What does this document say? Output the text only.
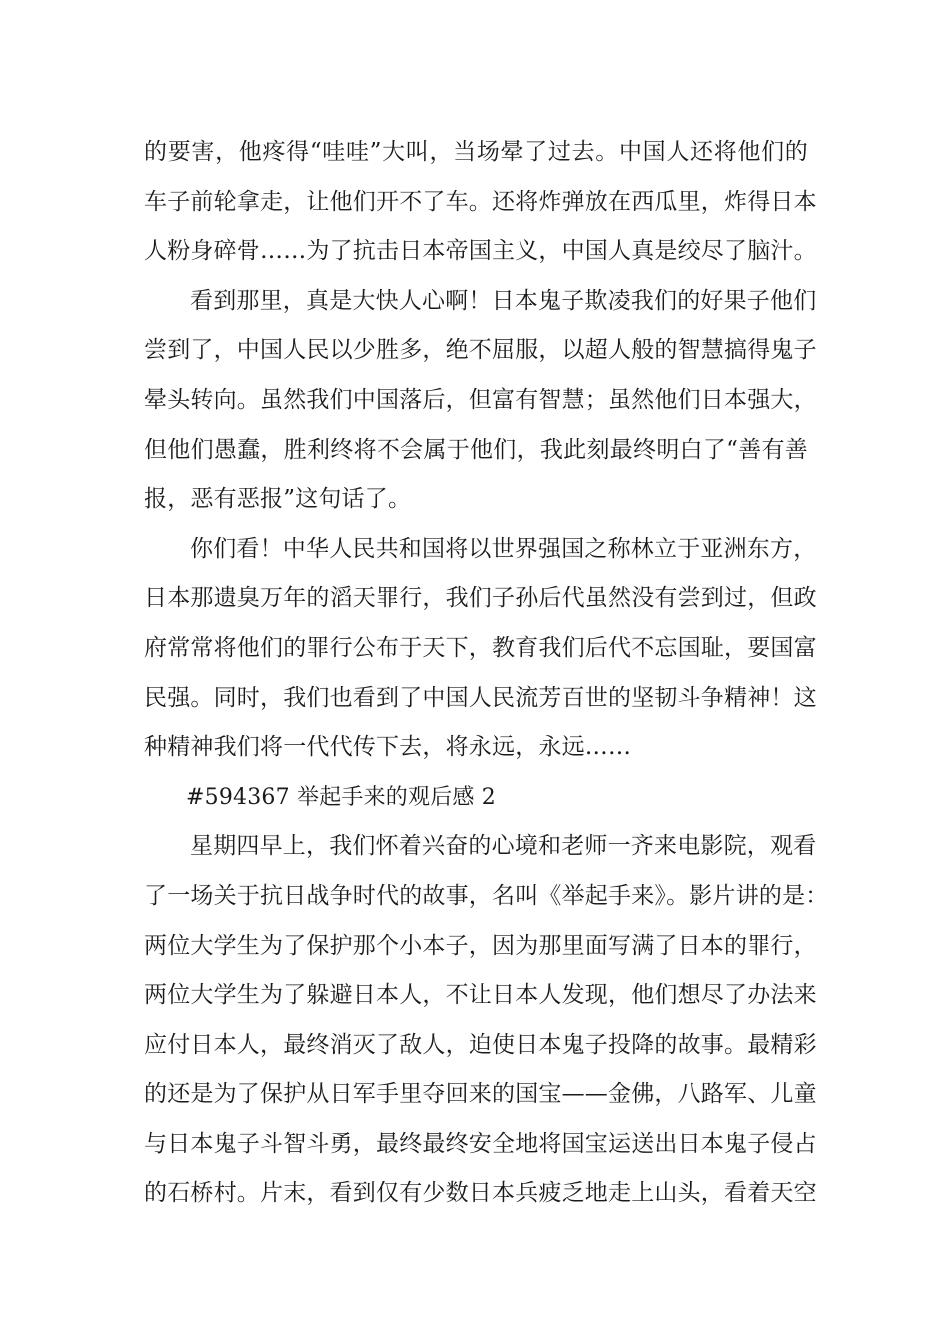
的要害，他疼得“哇哇”大叫，当场晕了过去。中国人还将他们的
车子前轮拿走，让他们开不了车。还将炸弹放在西瓜里，炸得日本
人粉身碎骨……为了抗击日本帝国主义，中国人真是绞尽了脑汁。
看到那里，真是大快人心啊！日本鬼子欺凌我们的好果子他们
尝到了，中国人民以少胜多，绝不屈服，以超人般的智慧搞得鬼子
晕头转向。虽然我们中国落后，但富有智慧；虽然他们日本强大，
但他们愚蠢，胜利终将不会属于他们，我此刻最终明白了“善有善
报，恶有恶报”这句话了。
你们看！中华人民共和国将以世界强国之称林立于亚洲东方，
日本那遗臭万年的滔天罪行，我们子孙后代虽然没有尝到过，但政
府常常将他们的罪行公布于天下，教育我们后代不忘国耻，要国富
民强。同时，我们也看到了中国人民流芳百世的坚韧斗争精神！这
种精神我们将一代代传下去，将永远，永远……
#594367 举起手来的观后感 2
星期四早上，我们怀着兴奋的心境和老师一齐来电影院，观看
了一场关于抗日战争时代的故事，名叫《举起手来》。影片讲的是：
两位大学生为了保护那个小本子，因为那里面写满了日本的罪行，
两位大学生为了躲避日本人，不让日本人发现，他们想尽了办法来
应付日本人，最终消灭了敌人，迫使日本鬼子投降的故事。最精彩
的还是为了保护从日军手里夺回来的国宝——金佛，八路军、儿童
与日本鬼子斗智斗勇，最终最终安全地将国宝运送出日本鬼子侵占
的石桥村。片末，看到仅有少数日本兵疲乏地走上山头，看着天空
